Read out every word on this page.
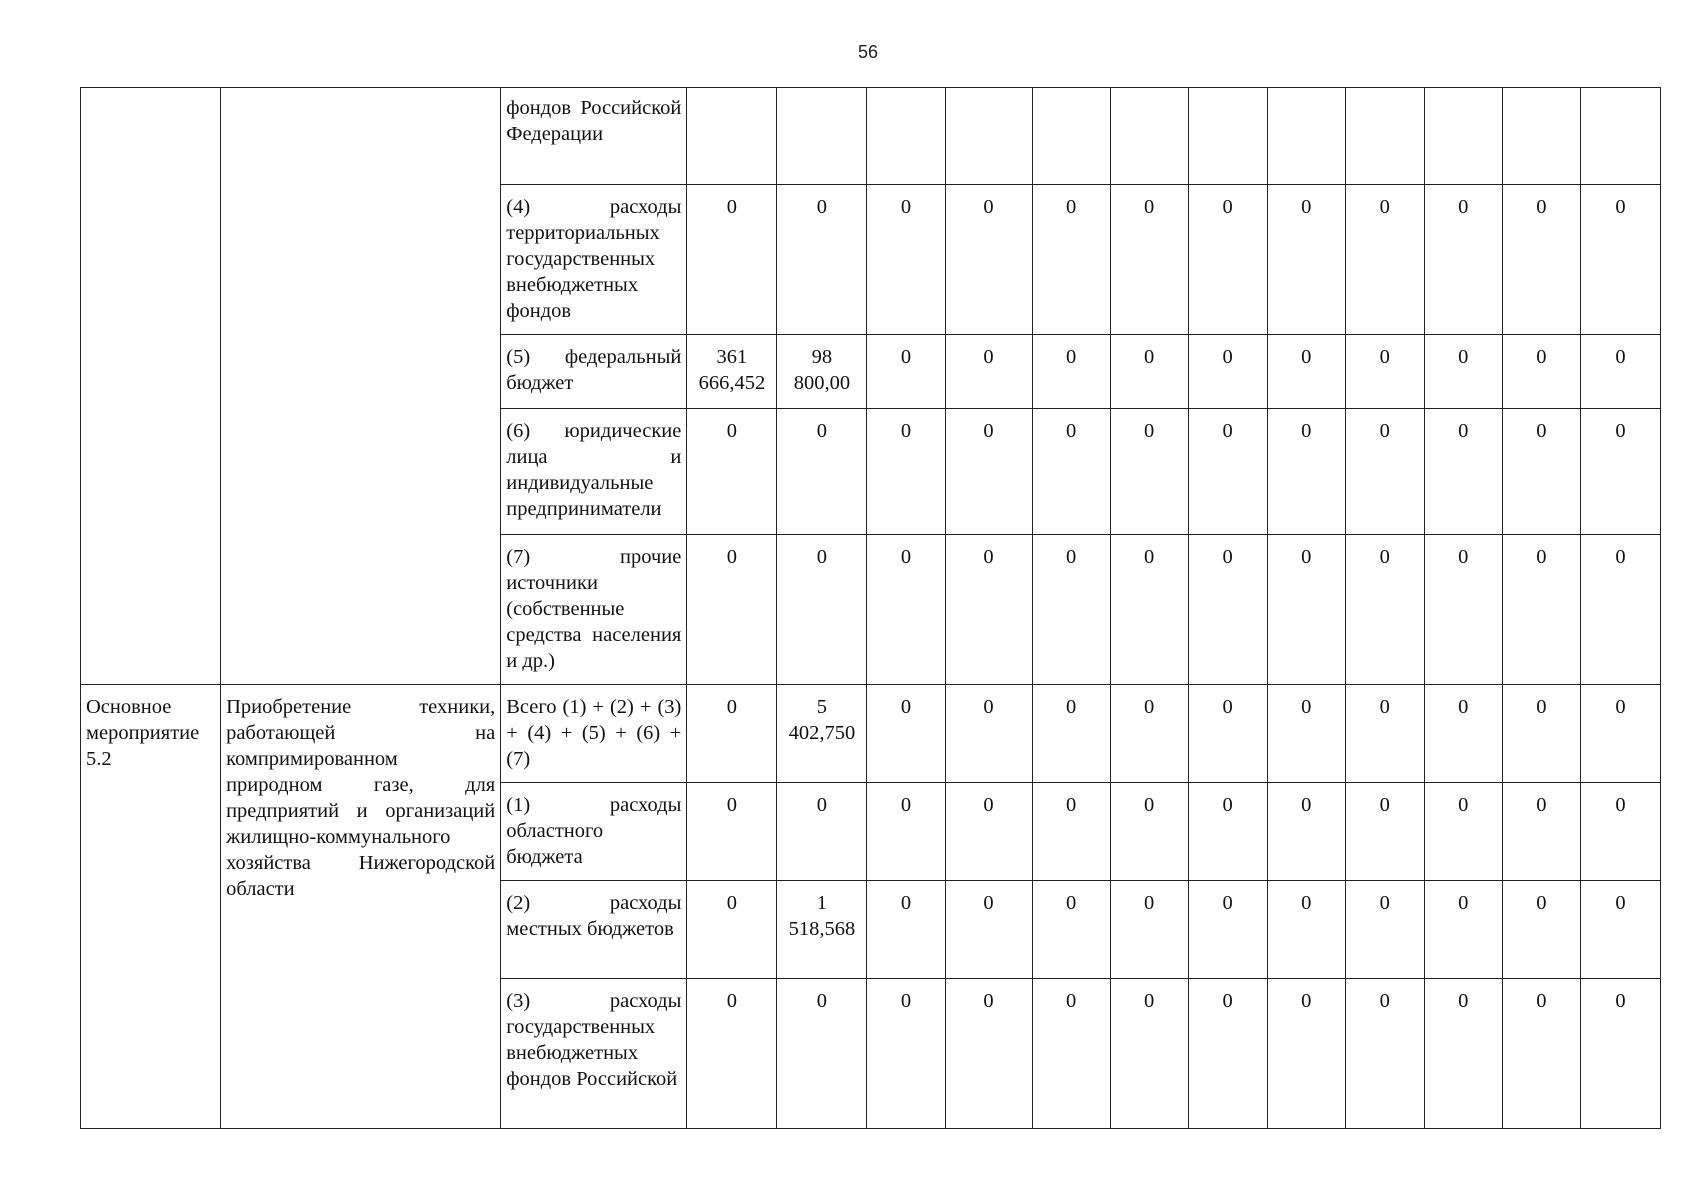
56
		фондов Российской Федерации												
		(4) расходы территориальных государственных внебюджетных фондов	0	0	0	0	0	0	0	0	0	0	0	0
		(5) федеральный бюджет	361 666,452	98 800,00	0	0	0	0	0	0	0	0	0	0
		(6) юридические лица и индивидуальные предприниматели	0	0	0	0	0	0	0	0	0	0	0	0
		(7) прочие источники (собственные средства населения и др.)	0	0	0	0	0	0	0	0	0	0	0	0
Основное мероприятие 5.2	Приобретение техники, работающей на компримированном природном газе, для предприятий и организаций жилищно-коммунального хозяйства Нижегородской области	Всего (1) + (2) + (3) + (4) + (5) + (6) + (7)	0	5 402,750	0	0	0	0	0	0	0	0	0	0
		(1) расходы областного бюджета	0	0	0	0	0	0	0	0	0	0	0	0
		(2) расходы местных бюджетов	0	1 518,568	0	0	0	0	0	0	0	0	0	0
		(3) расходы государственных внебюджетных фондов Российской	0	0	0	0	0	0	0	0	0	0	0	0
